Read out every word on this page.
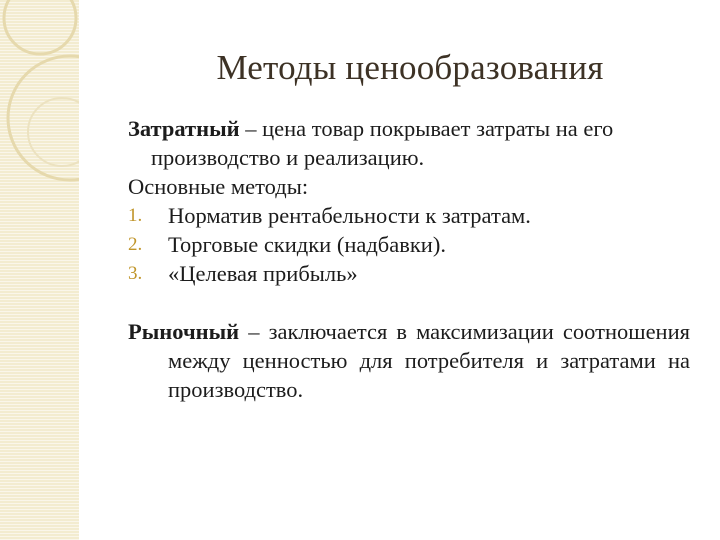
Методы ценообразования

Затратный – цена товар покрывает затраты на его производство и реализацию.

Основные методы:
1. Норматив рентабельности к затратам.
2. Торговые скидки (надбавки).
3. «Целевая прибыль»

Рыночный – заключается в максимизации соотношения между ценностью для потребителя и затратами на производство.
